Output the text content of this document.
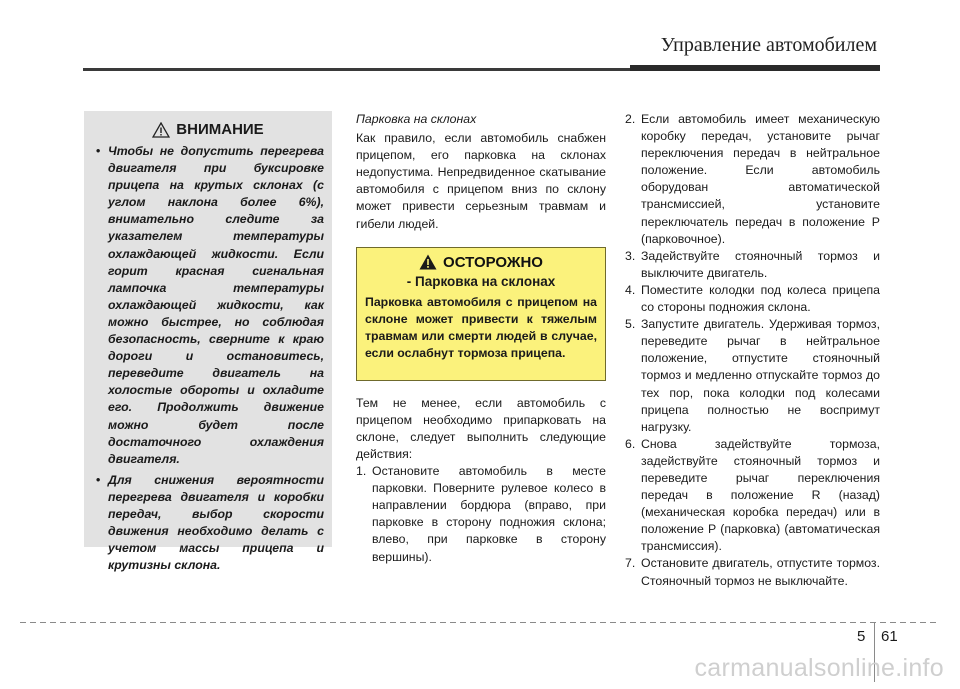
Управление автомобилем
ВНИМАНИЕ
• Чтобы не допустить перегрева двигателя при буксировке прицепа на крутых склонах (с углом наклона более 6%), внимательно следите за указателем температуры охлаждающей жидкости. Если горит красная сигнальная лампочка температуры охлаждающей жидкости, как можно быстрее, но соблюдая безопасность, сверните к краю дороги и остановитесь, переведите двигатель на холостые обороты и охладите его. Продолжить движение можно будет после достаточного охлаждения двигателя.
• Для снижения вероятности перегрева двигателя и коробки передач, выбор скорости движения необходимо делать с учетом массы прицепа и крутизны склона.

Парковка на склонах

Как правило, если автомобиль снабжен прицепом, его парковка на склонах недопустима. Непредвиденное скатывание автомобиля с прицепом вниз по склону может привести серьезным травмам и гибели людей.

ОСТОРОЖНО
- Парковка на склонах

Парковка автомобиля с прицепом на склоне может привести к тяжелым травмам или смерти людей в случае, если ослабнут тормоза прицепа.

Тем не менее, если автомобиль с прицепом необходимо припарковать на склоне, следует выполнить следующие действия:

1. Остановите автомобиль в месте парковки. Поверните рулевое колесо в направлении бордюра (вправо, при парковке в сторону подножия склона; влево, при парковке в сторону вершины).
2. Если автомобиль имеет механическую коробку передач, установите рычаг переключения передач в нейтральное положение. Если автомобиль оборудован автоматической трансмиссией, установите переключатель передач в положение P (парковочное).
3. Задействуйте стояночный тормоз и выключите двигатель.
4. Поместите колодки под колеса прицепа со стороны подножия склона.
5. Запустите двигатель. Удерживая тормоз, переведите рычаг в нейтральное положение, отпустите стояночный тормоз и медленно отпускайте тормоз до тех пор, пока колодки под колесами прицепа полностью не воспримут нагрузку.
6. Снова задействуйте тормоза, задействуйте стояночный тормоз и переведите рычаг переключения передач в положение R (назад) (механическая коробка передач) или в положение P (парковка) (автоматическая трансмиссия).
7. Остановите двигатель, отпустите тормоз. Стояночный тормоз не выключайте.
5 61
carmanualsonline.info
